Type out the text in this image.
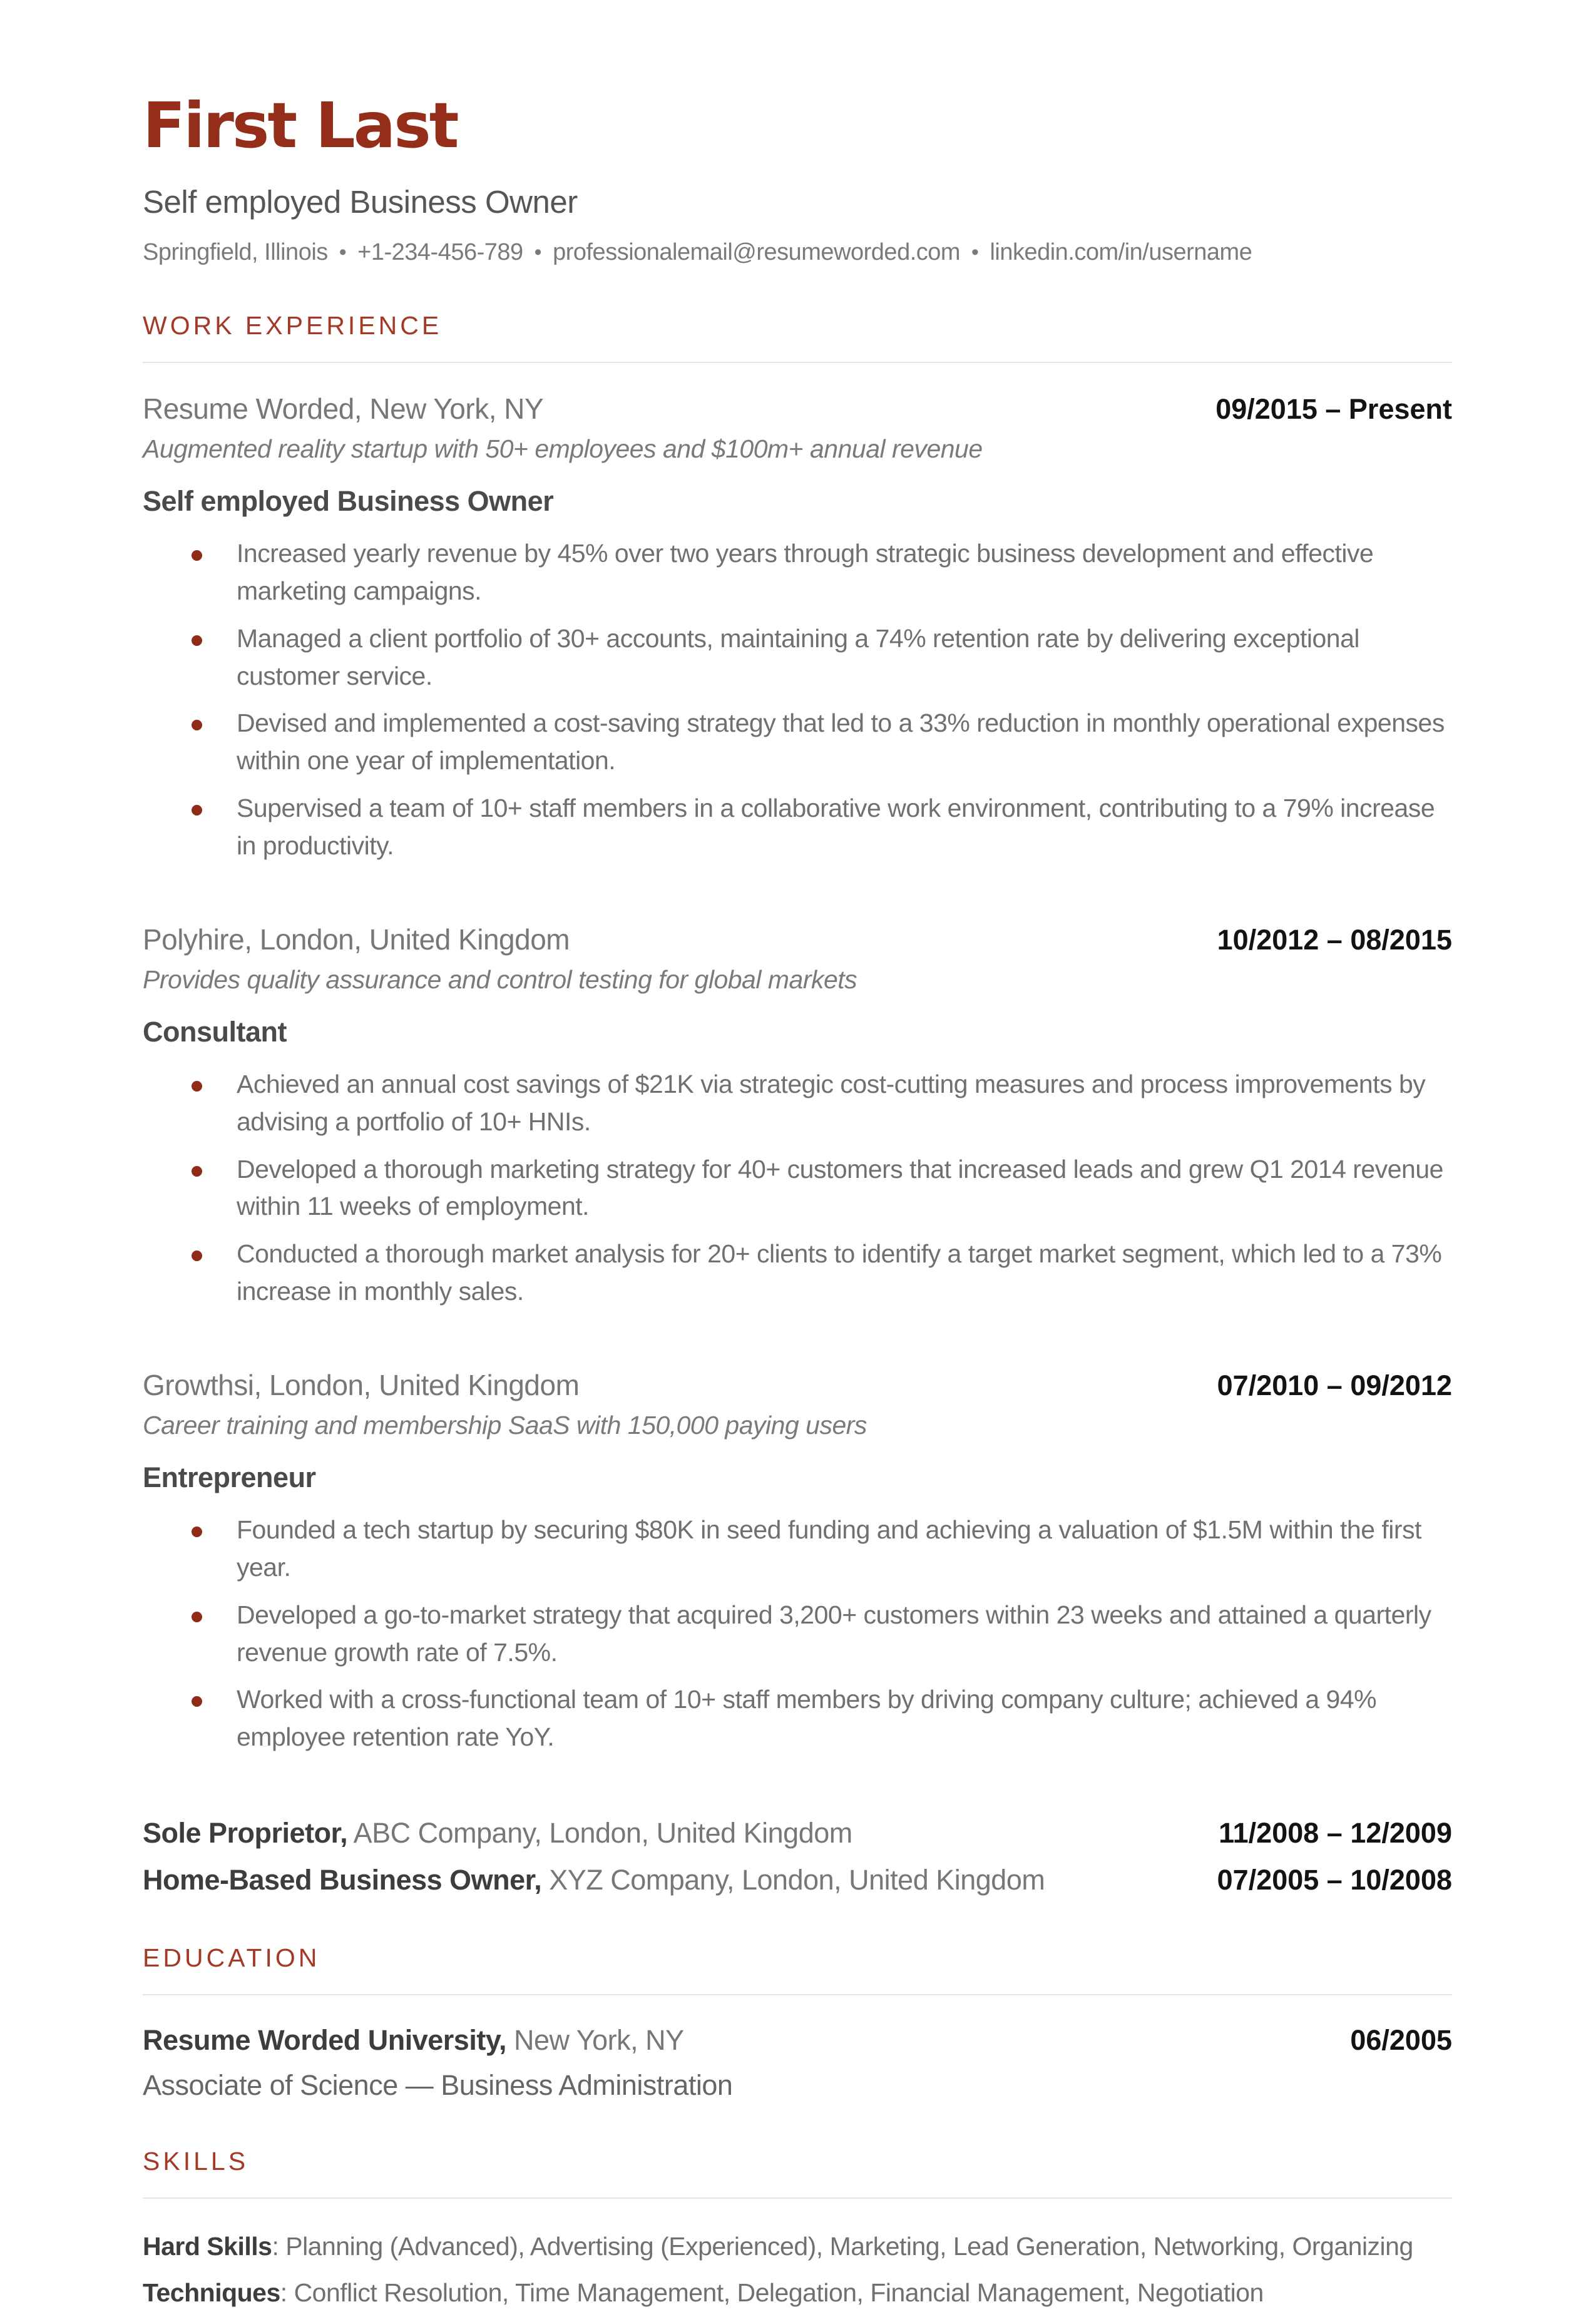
First Last
Self employed Business Owner
Springfield, Illinois • +1-234-456-789 • professionalemail@resumeworded.com • linkedin.com/in/username
WORK EXPERIENCE
Resume Worded, New York, NY	09/2015 – Present
Augmented reality startup with 50+ employees and $100m+ annual revenue
Self employed Business Owner
Increased yearly revenue by 45% over two years through strategic business development and effective marketing campaigns.
Managed a client portfolio of 30+ accounts, maintaining a 74% retention rate by delivering exceptional customer service.
Devised and implemented a cost-saving strategy that led to a 33% reduction in monthly operational expenses within one year of implementation.
Supervised a team of 10+ staff members in a collaborative work environment, contributing to a 79% increase in productivity.
Polyhire, London, United Kingdom	10/2012 – 08/2015
Provides quality assurance and control testing for global markets
Consultant
Achieved an annual cost savings of $21K via strategic cost-cutting measures and process improvements by advising a portfolio of 10+ HNIs.
Developed a thorough marketing strategy for 40+ customers that increased leads and grew Q1 2014 revenue within 11 weeks of employment.
Conducted a thorough market analysis for 20+ clients to identify a target market segment, which led to a 73% increase in monthly sales.
Growthsi, London, United Kingdom	07/2010 – 09/2012
Career training and membership SaaS with 150,000 paying users
Entrepreneur
Founded a tech startup by securing $80K in seed funding and achieving a valuation of $1.5M within the first year.
Developed a go-to-market strategy that acquired 3,200+ customers within 23 weeks and attained a quarterly revenue growth rate of 7.5%.
Worked with a cross-functional team of 10+ staff members by driving company culture; achieved a 94% employee retention rate YoY.
Sole Proprietor, ABC Company, London, United Kingdom	11/2008 – 12/2009
Home-Based Business Owner, XYZ Company, London, United Kingdom	07/2005 – 10/2008
EDUCATION
Resume Worded University, New York, NY	06/2005
Associate of Science — Business Administration
SKILLS
Hard Skills: Planning (Advanced), Advertising (Experienced), Marketing, Lead Generation, Networking, Organizing
Techniques: Conflict Resolution, Time Management, Delegation, Financial Management, Negotiation
